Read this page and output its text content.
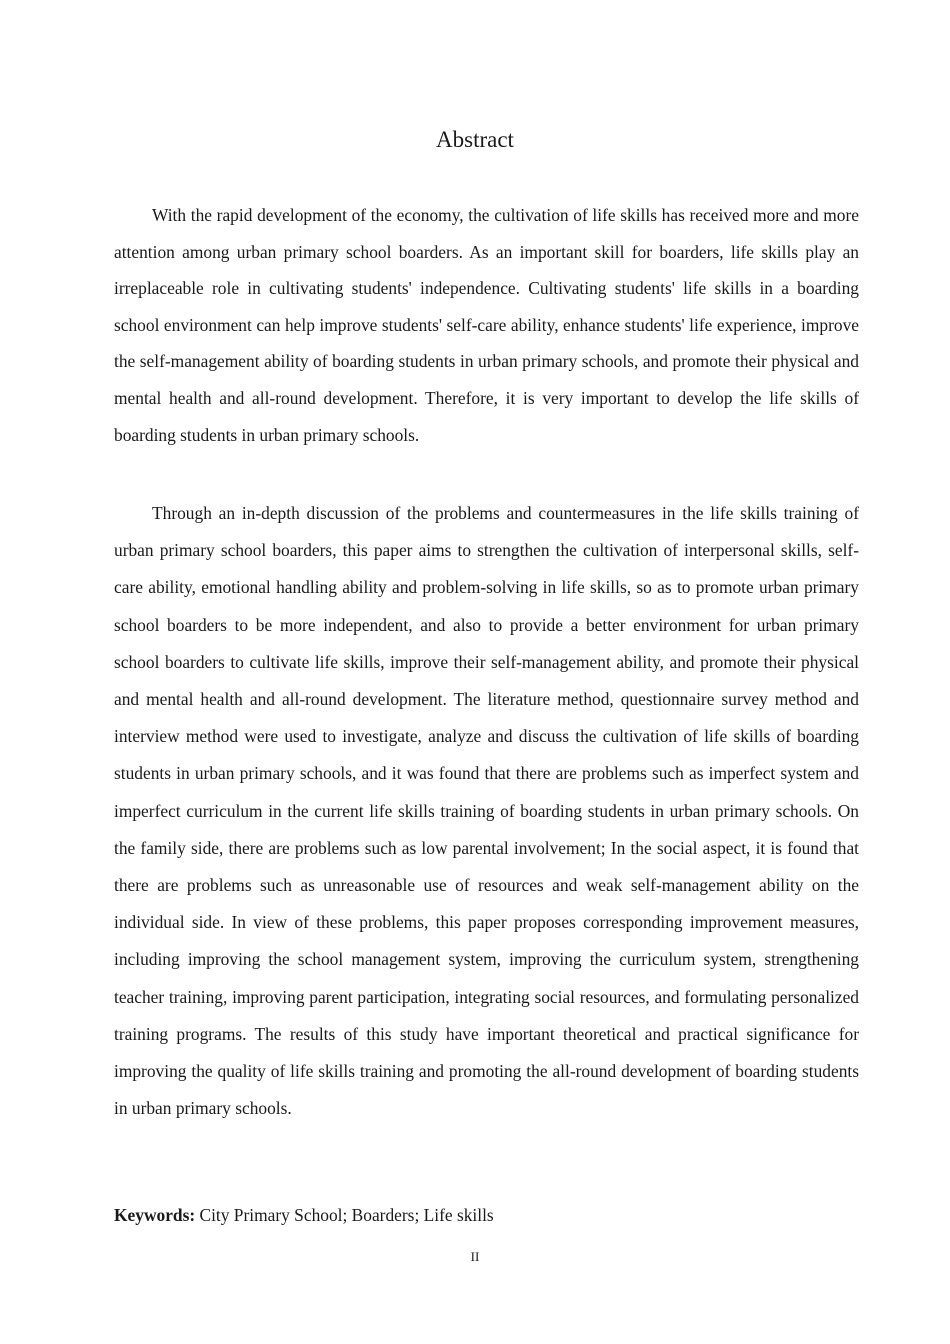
Abstract

With the rapid development of the economy, the cultivation of life skills has received more and more attention among urban primary school boarders. As an important skill for boarders, life skills play an irreplaceable role in cultivating students' independence. Cultivating students' life skills in a boarding school environment can help improve students' self-care ability, enhance students' life experience, improve the self-management ability of boarding students in urban primary schools, and promote their physical and mental health and all-round development. Therefore, it is very important to develop the life skills of boarding students in urban primary schools.

Through an in-depth discussion of the problems and countermeasures in the life skills training of urban primary school boarders, this paper aims to strengthen the cultivation of interpersonal skills, self-care ability, emotional handling ability and problem-solving in life skills, so as to promote urban primary school boarders to be more independent, and also to provide a better environment for urban primary school boarders to cultivate life skills, improve their self-management ability, and promote their physical and mental health and all-round development. The literature method, questionnaire survey method and interview method were used to investigate, analyze and discuss the cultivation of life skills of boarding students in urban primary schools, and it was found that there are problems such as imperfect system and imperfect curriculum in the current life skills training of boarding students in urban primary schools. On the family side, there are problems such as low parental involvement; In the social aspect, it is found that there are problems such as unreasonable use of resources and weak self-management ability on the individual side. In view of these problems, this paper proposes corresponding improvement measures, including improving the school management system, improving the curriculum system, strengthening teacher training, improving parent participation, integrating social resources, and formulating personalized training programs. The results of this study have important theoretical and practical significance for improving the quality of life skills training and promoting the all-round development of boarding students in urban primary schools.

Keywords: City Primary School; Boarders; Life skills
II
